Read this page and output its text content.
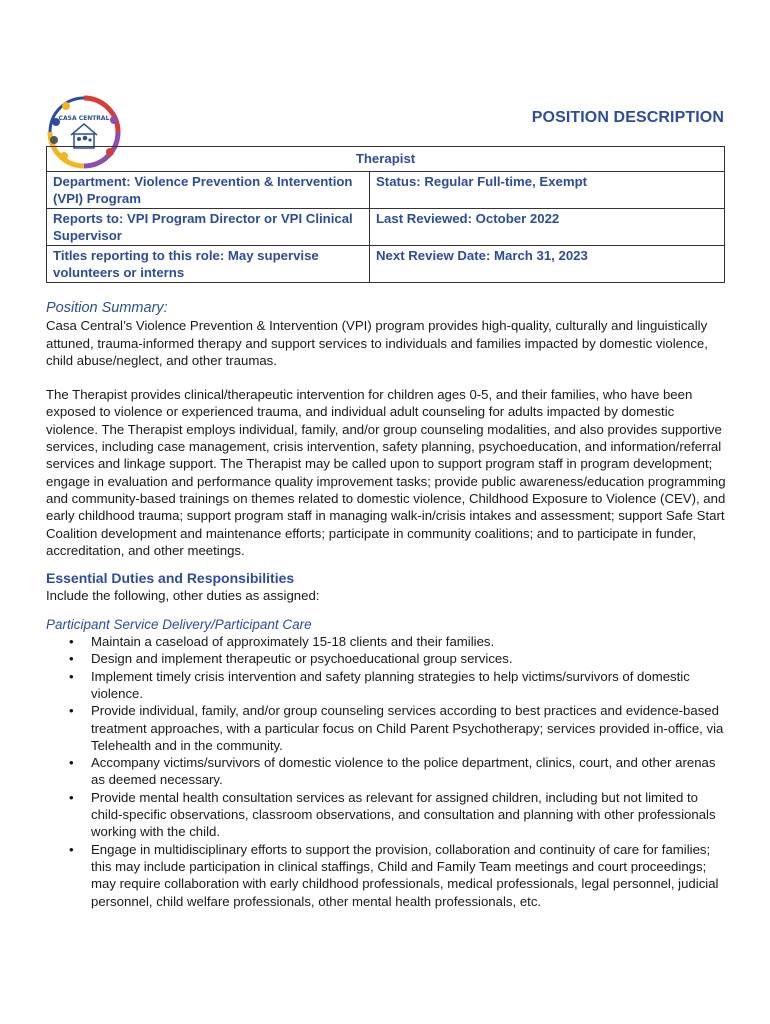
CASA CENTRAL	POSITION DESCRIPTION
Therapist	
Department: Violence Prevention & Intervention (VPI) Program	Status: Regular Full-time, Exempt
Reports to: VPI Program Director or VPI Clinical Supervisor	Last Reviewed: October 2022
Titles reporting to this role: May supervise volunteers or interns	Next Review Date: March 31, 2023

Position Summary:

Casa Central’s Violence Prevention & Intervention (VPI) program provides high-quality, culturally and linguistically attuned, trauma-informed therapy and support services to individuals and families impacted by domestic violence, child abuse/neglect, and other traumas.

The Therapist provides clinical/therapeutic intervention for children ages 0-5, and their families, who have been exposed to violence or experienced trauma, and individual adult counseling for adults impacted by domestic violence. The Therapist employs individual, family, and/or group counseling modalities, and also provides supportive services, including case management, crisis intervention, safety planning, psychoeducation, and information/referral services and linkage support. The Therapist may be called upon to support program staff in program development; engage in evaluation and performance quality improvement tasks; provide public awareness/education programming and community-based trainings on themes related to domestic violence, Childhood Exposure to Violence (CEV), and early childhood trauma; support program staff in managing walk-in/crisis intakes and assessment; support Safe Start Coalition development and maintenance efforts; participate in community coalitions; and to participate in funder, accreditation, and other meetings.

Essential Duties and Responsibilities

Include the following, other duties as assigned:

Participant Service Delivery/Participant Care

• Maintain a caseload of approximately 15-18 clients and their families.
• Design and implement therapeutic or psychoeducational group services.
• Implement timely crisis intervention and safety planning strategies to help victims/survivors of domestic violence.
• Provide individual, family, and/or group counseling services according to best practices and evidence-based treatment approaches, with a particular focus on Child Parent Psychotherapy; services provided in-office, via Telehealth and in the community.
• Accompany victims/survivors of domestic violence to the police department, clinics, court, and other arenas as deemed necessary.
• Provide mental health consultation services as relevant for assigned children, including but not limited to child-specific observations, classroom observations, and consultation and planning with other professionals working with the child.
• Engage in multidisciplinary efforts to support the provision, collaboration and continuity of care for families; this may include participation in clinical staffings, Child and Family Team meetings and court proceedings; may require collaboration with early childhood professionals, medical professionals, legal personnel, judicial personnel, child welfare professionals, other mental health professionals, etc.
